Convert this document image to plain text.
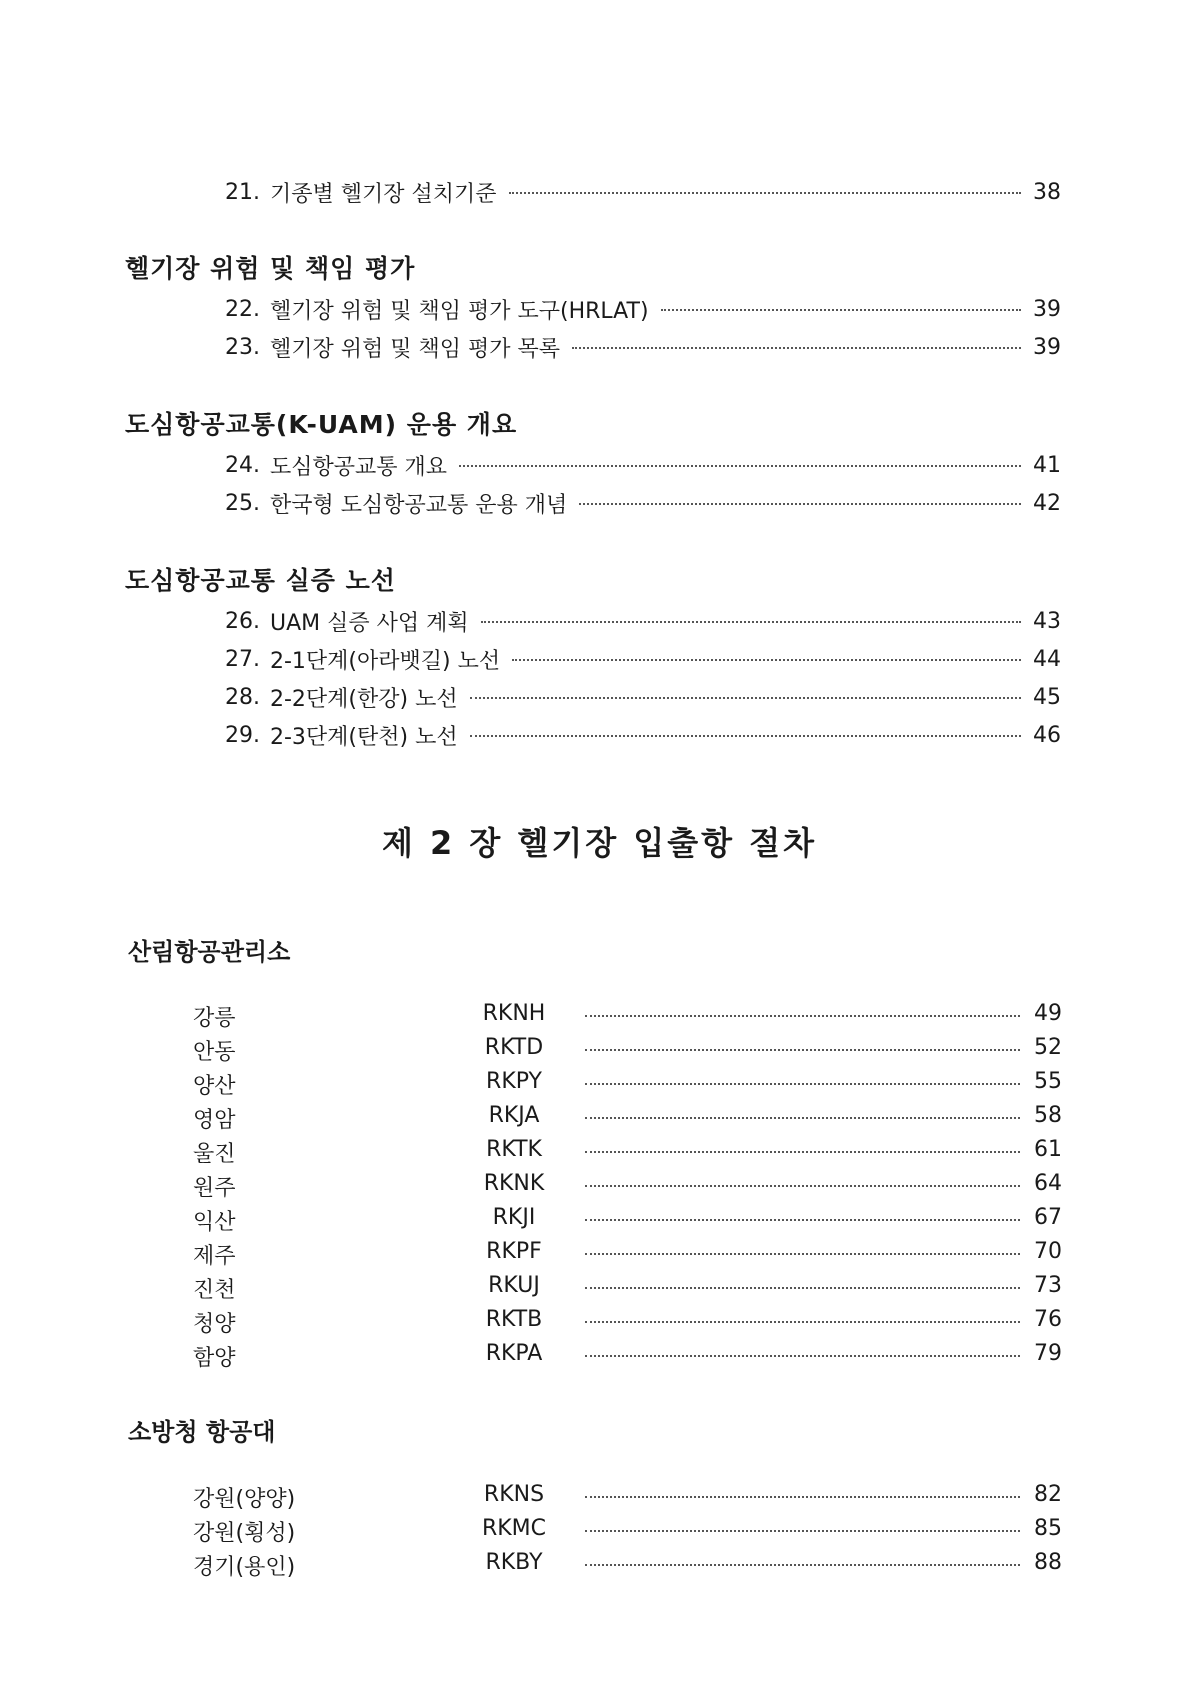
21. 기종별 헬기장 설치기준	38
헬기장 위험 및 책임 평가
22. 헬기장 위험 및 책임 평가 도구(HRLAT)	39
23. 헬기장 위험 및 책임 평가 목록	39
도심항공교통(K-UAM) 운용 개요
24. 도심항공교통 개요	41
25. 한국형 도심항공교통 운용 개념	42
도심항공교통 실증 노선
26. UAM 실증 사업 계획	43
27. 2-1단계(아라뱃길) 노선	44
28. 2-2단계(한강) 노선	45
29. 2-3단계(탄천) 노선	46
제 2 장 헬기장 입출항 절차
산림항공관리소
강릉	RKNH	49
안동	RKTD	52
양산	RKPY	55
영암	RKJA	58
울진	RKTK	61
원주	RKNK	64
익산	RKJI	67
제주	RKPF	70
진천	RKUJ	73
청양	RKTB	76
함양	RKPA	79
소방청 항공대
강원(양양)	RKNS	82
강원(횡성)	RKMC	85
경기(용인)	RKBY	88
